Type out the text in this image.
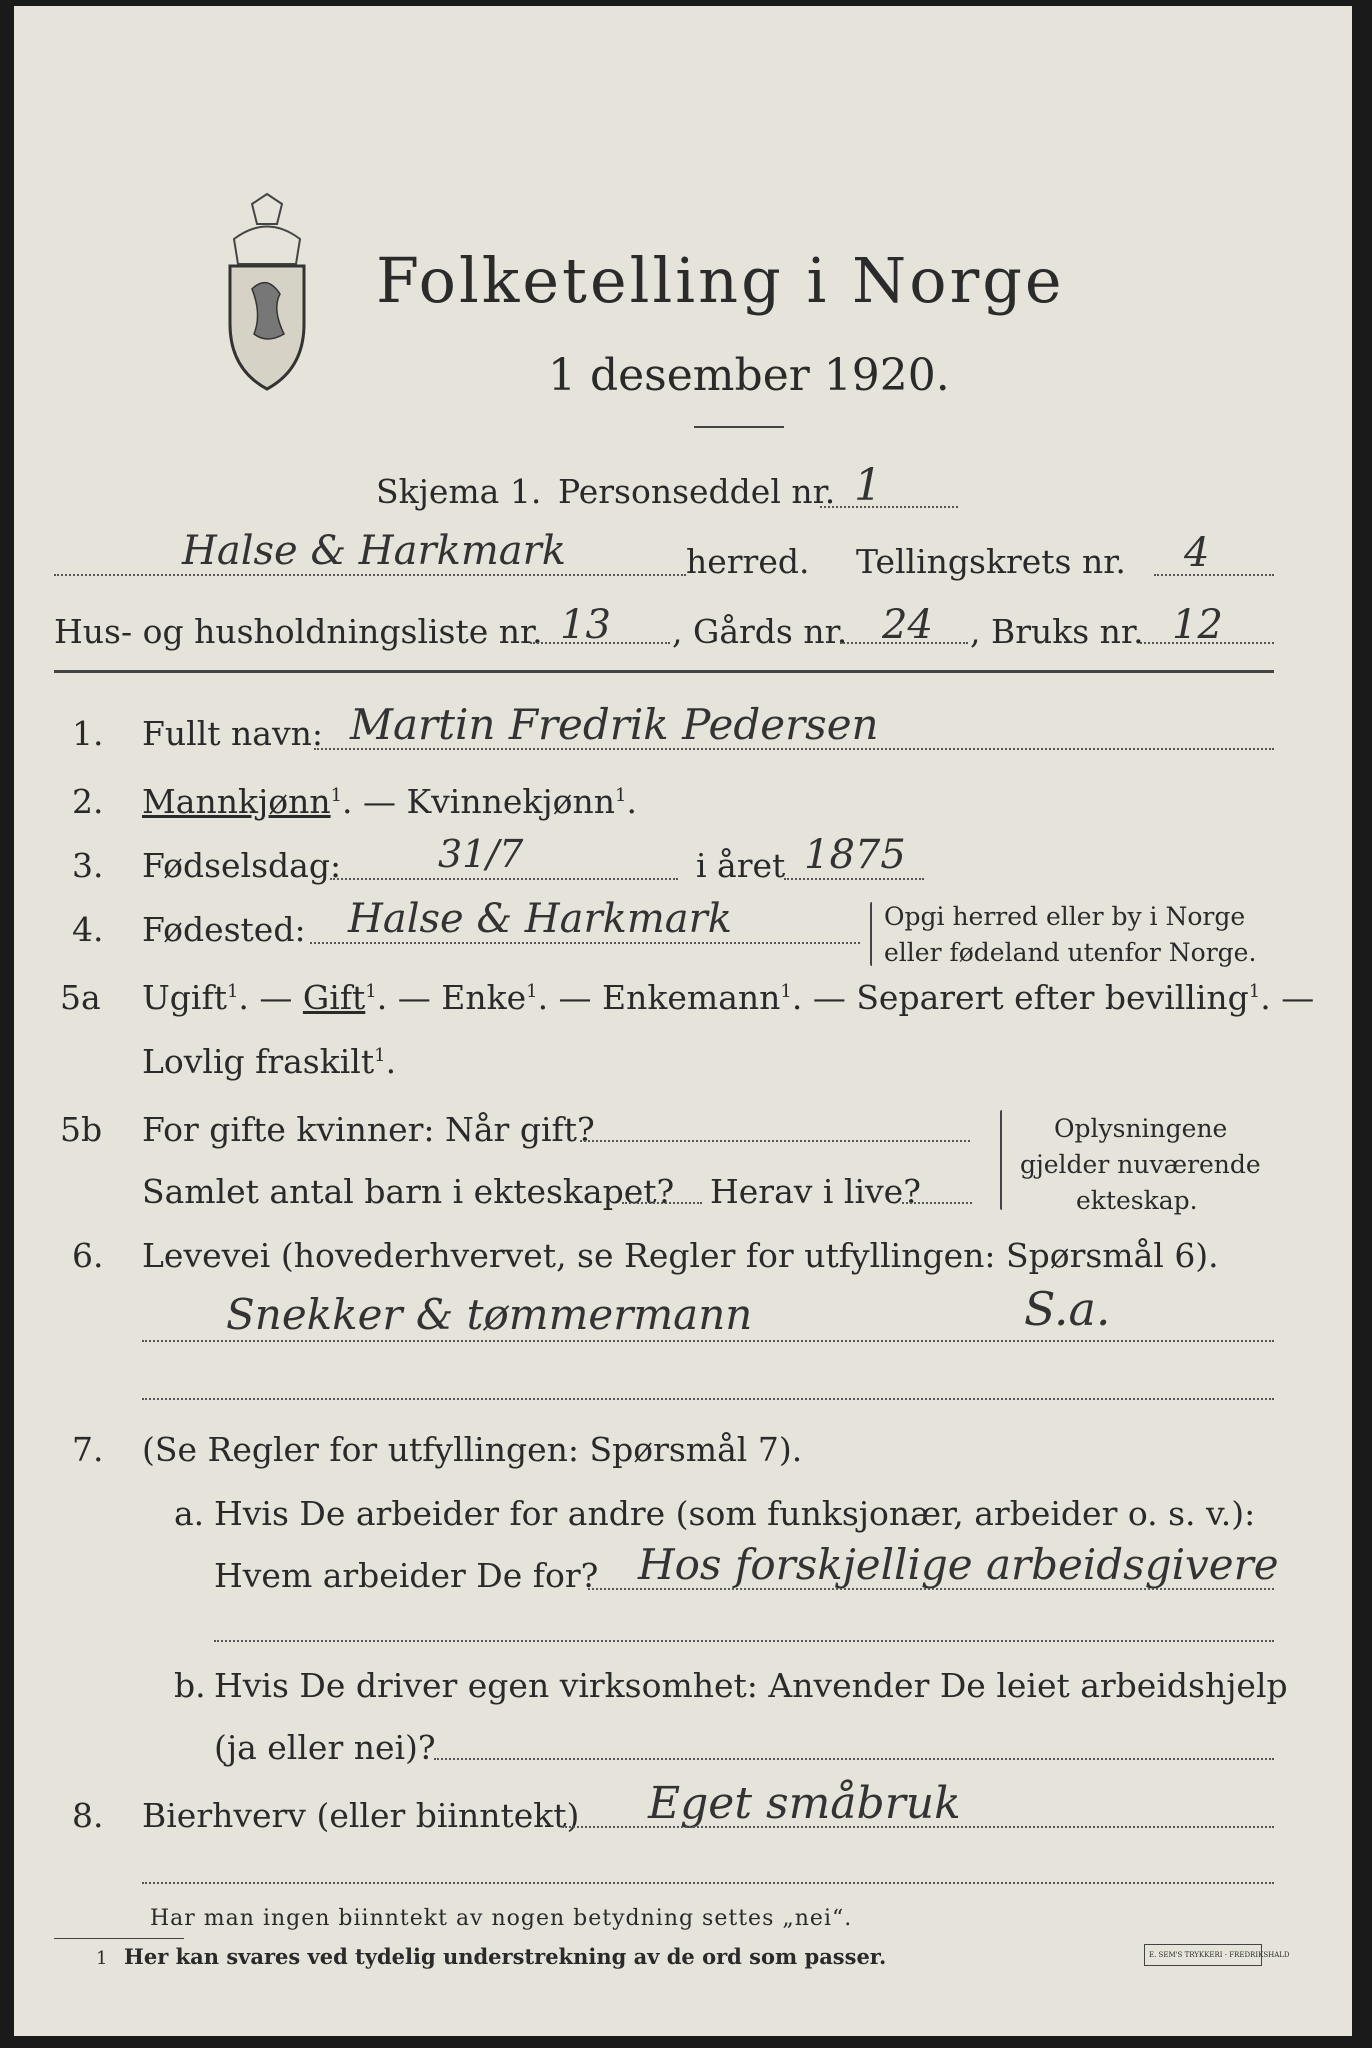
Folketelling i Norge
1 desember 1920.
Skjema 1. Personseddel nr. 1
Halse & Harkmark	herred. Tellingskrets nr. 4
Hus- og husholdningsliste nr. 13 , Gårds nr. 24 , Bruks nr. 12
1. Fullt navn: Martin Fredrik Pedersen
2. Mannkjønn$^1$. — Kvinnekjønn$^1$.
3. Fødselsdag:	31/7	i året 1875
4. Fødested: Halse & Harkmark	Opgi herred eller by i Norge
eller fødeland utenfor Norge.
5a Ugift$^1$. — Gift$^1$. — Enke$^1$. — Enkemann$^1$. — Separert efter bevilling$^1$. —
Lovlig fraskilt$^1$.
5b For gifte kvinner: Når gift?
Samlet antal barn i ekteskapet? Herav i live?
Oplysningene
gjelder nuværende
ekteskap.
6. Levevei (hovederhvervet, se Regler for utfyllingen: Spørsmål 6).
Snekker & tømmermann	S.a.
7. (Se Regler for utfyllingen: Spørsmål 7).
a. Hvis De arbeider for andre (som funksjonær, arbeider o. s. v.):
Hvem arbeider De for? Hos forskjellige arbeidsgivere
b. Hvis De driver egen virksomhet: Anvender De leiet arbeidshjelp
(ja eller nei)?
8. Bierhverv (eller biinntekt) Eget småbruk
Har man ingen biinntekt av nogen betydning settes „nei“.
1 Her kan svares ved tydelig understrekning av de ord som passer.	E. SEM'S TRYKKERI · FREDRIKSHALD
